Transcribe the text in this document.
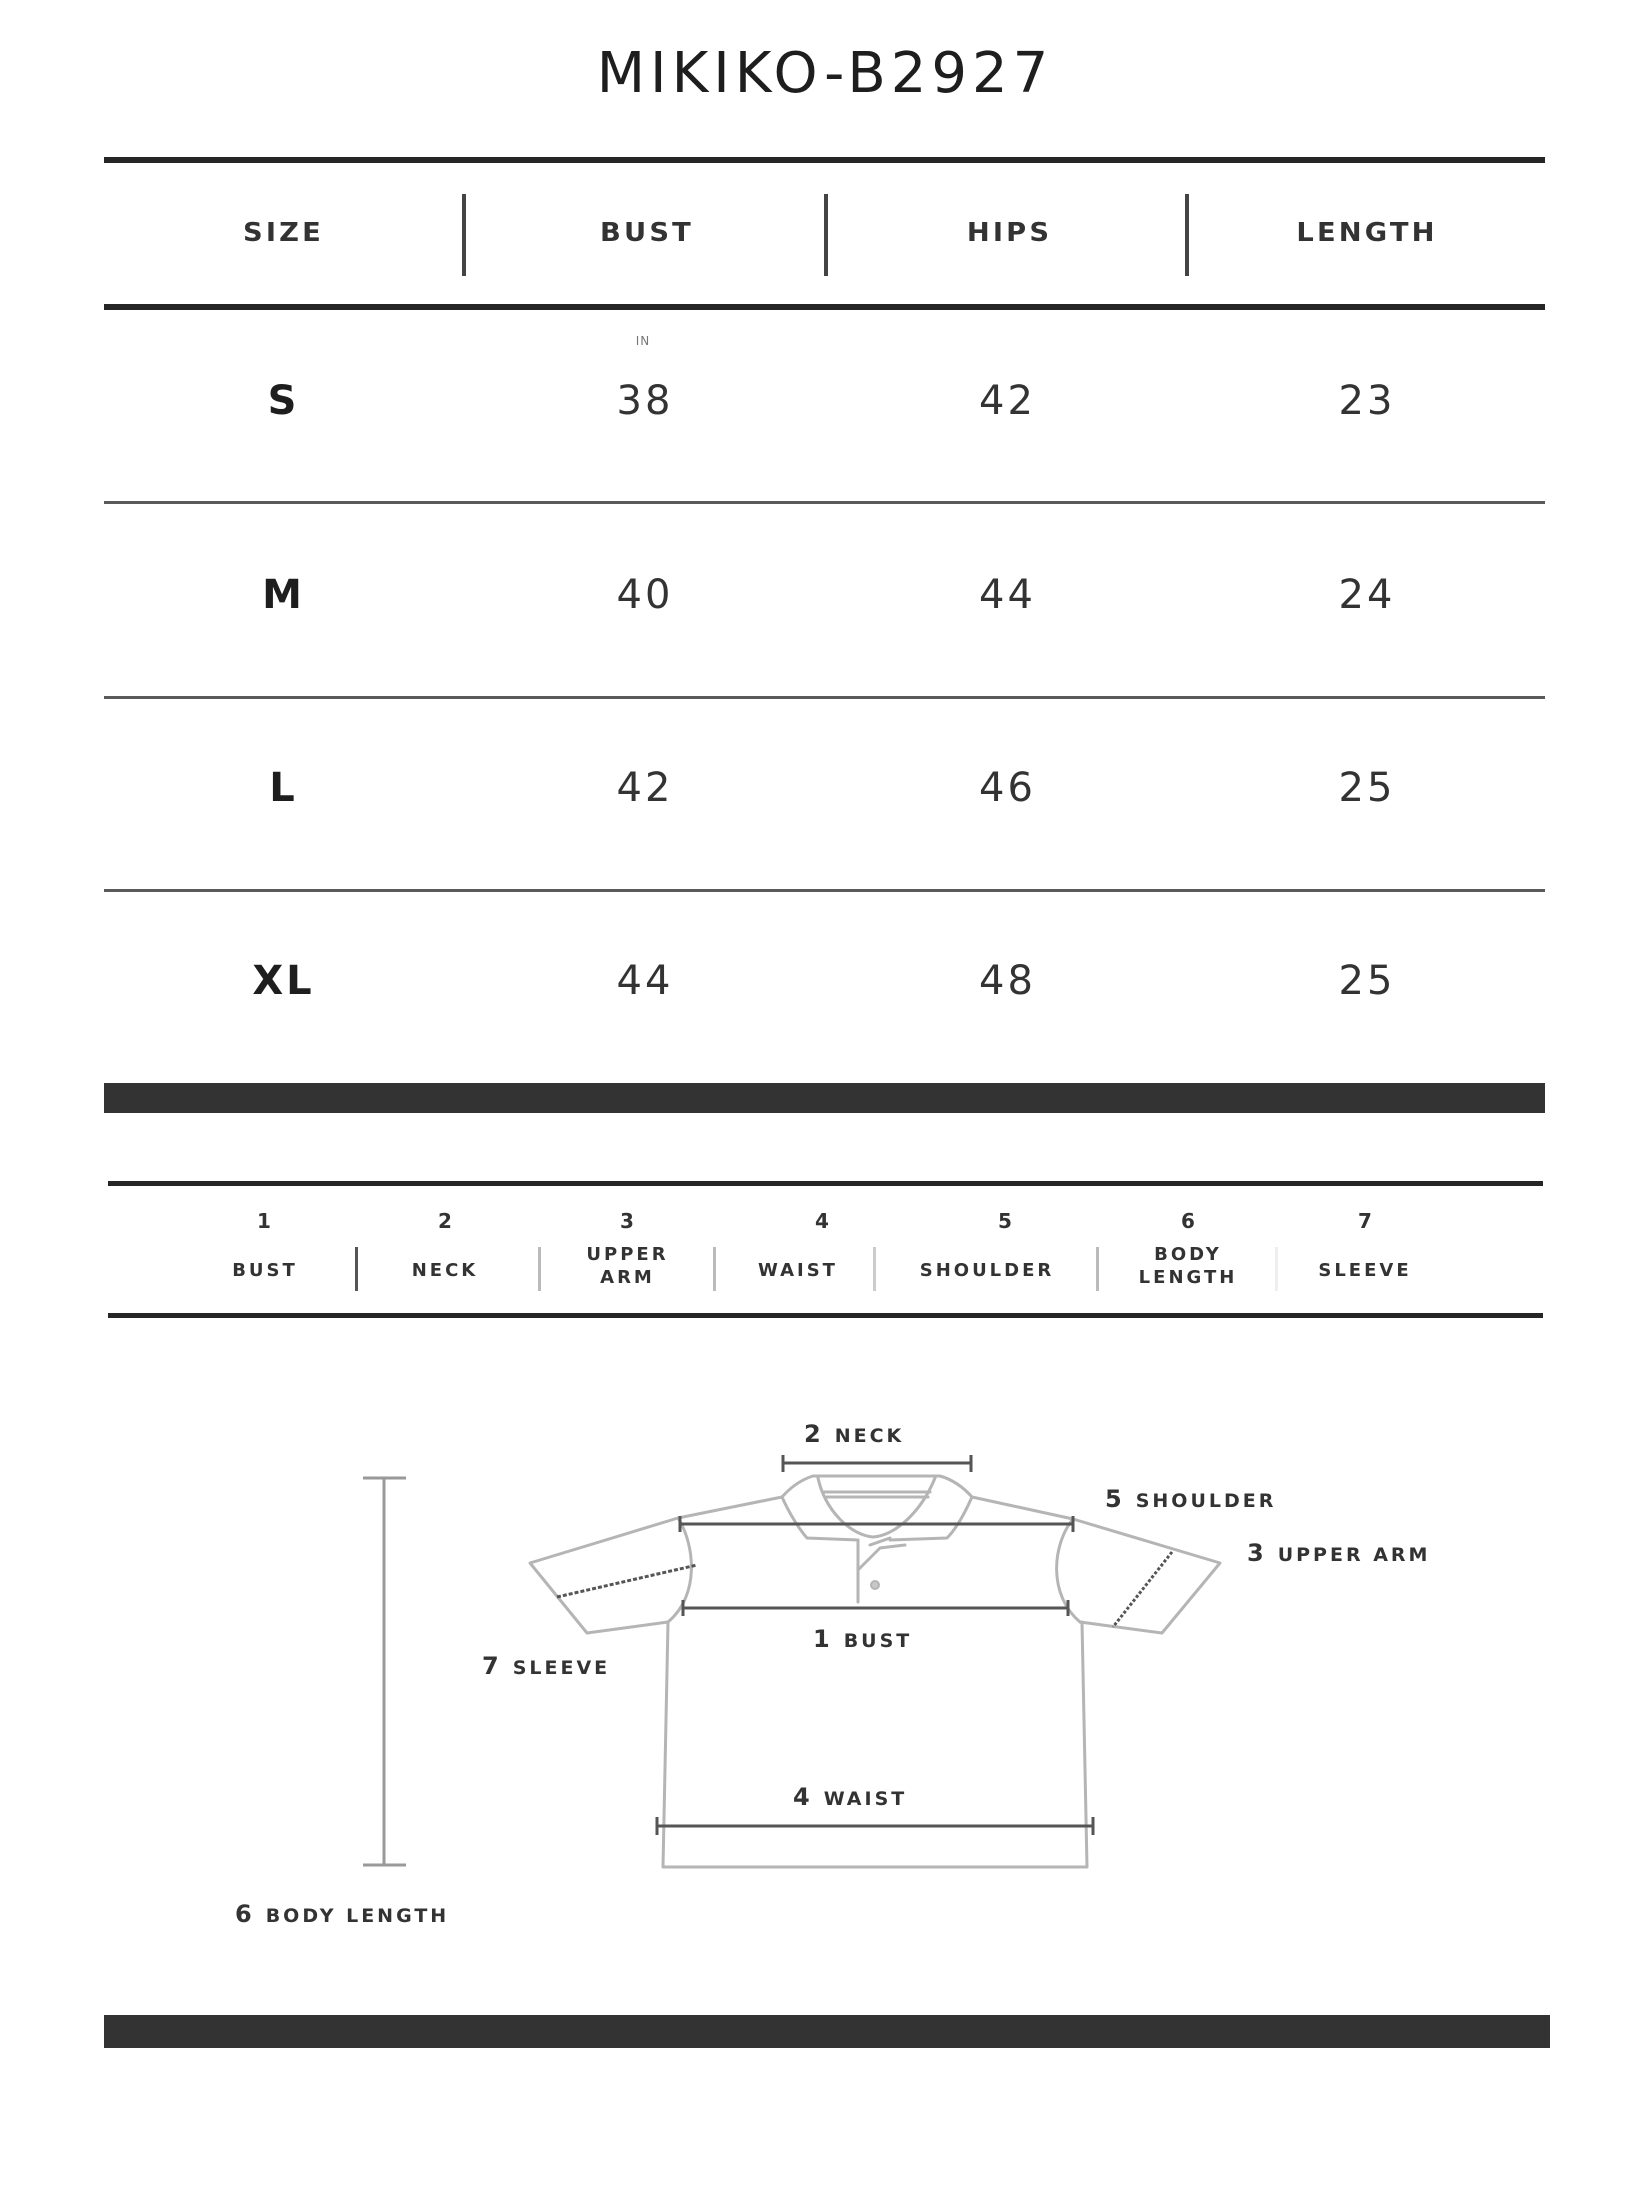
MIKIKO-B2927
SIZE	BUST	HIPS	LENGTH
IN
S	38	42	23
M	40	44	24
L	42	46	25
XL	44	48	25
1
BUST
2
NECK
3
UPPER
ARM
4
WAIST
5
SHOULDER
6
BODY
LENGTH
7
SLEEVE
2 NECK
5 SHOULDER
3 UPPER ARM
1 BUST
7 SLEEVE
4 WAIST
6 BODY LENGTH
